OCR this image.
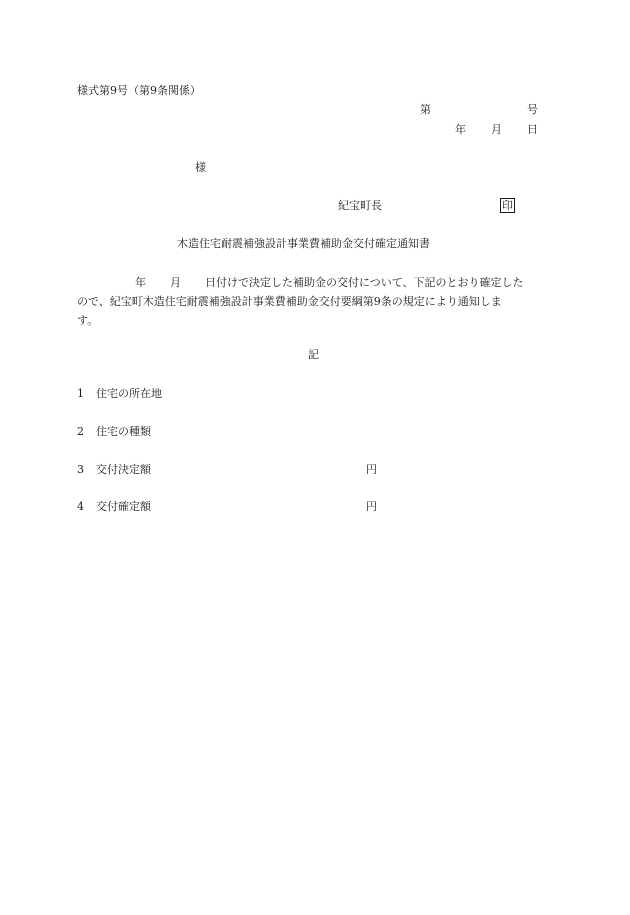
様式第9号（第9条関係）
第	号
年 月 日
様
紀宝町長	印
木造住宅耐震補強設計事業費補助金交付確定通知書
年 月 日付けで決定した補助金の交付について、下記のとおり確定した
ので、紀宝町木造住宅耐震補強設計事業費補助金交付要綱第9条の規定により通知しま
す。
記
1 住宅の所在地
2 住宅の種類
3 交付決定額	円
4 交付確定額	円
